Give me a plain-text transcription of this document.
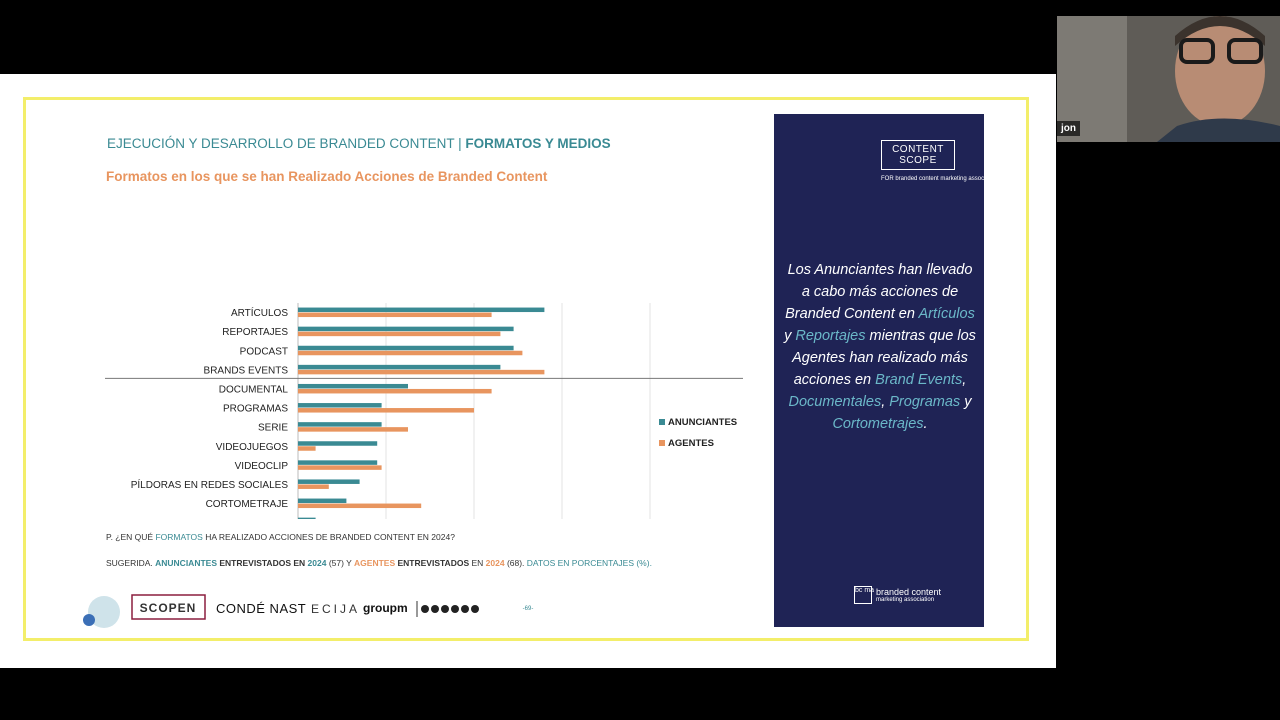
EJECUCIÓN Y DESARROLLO DE BRANDED CONTENT | FORMATOS Y MEDIOS
Formatos en los que se han Realizado Acciones de Branded Content
ARTÍCULOS
REPORTAJES
PODCAST
BRANDS EVENTS
DOCUMENTAL
PROGRAMAS
SERIE
VIDEOJUEGOS
VIDEOCLIP
PÍLDORAS EN REDES SOCIALES
CORTOMETRAJE
ANUNCIANTES
AGENTES
P. ¿EN QUÉ FORMATOS HA REALIZADO ACCIONES DE BRANDED CONTENT EN 2024?
SUGERIDA. ANUNCIANTES ENTREVISTADOS EN 2024 (57) Y AGENTES ENTREVISTADOS EN 2024 (68). DATOS EN PORCENTAJES (%).
SCOPEN CONDÉ NAST ECIJA groupm	-69-
CONTENT
SCOPE
FOR branded content marketing association
Los Anunciantes han llevado a cabo más acciones de Branded Content en Artículos y Reportajes mientras que los Agentes han realizado más acciones en Brand Events, Documentales, Programas y Cortometrajes.
bc ma branded content
marketing association
jon
